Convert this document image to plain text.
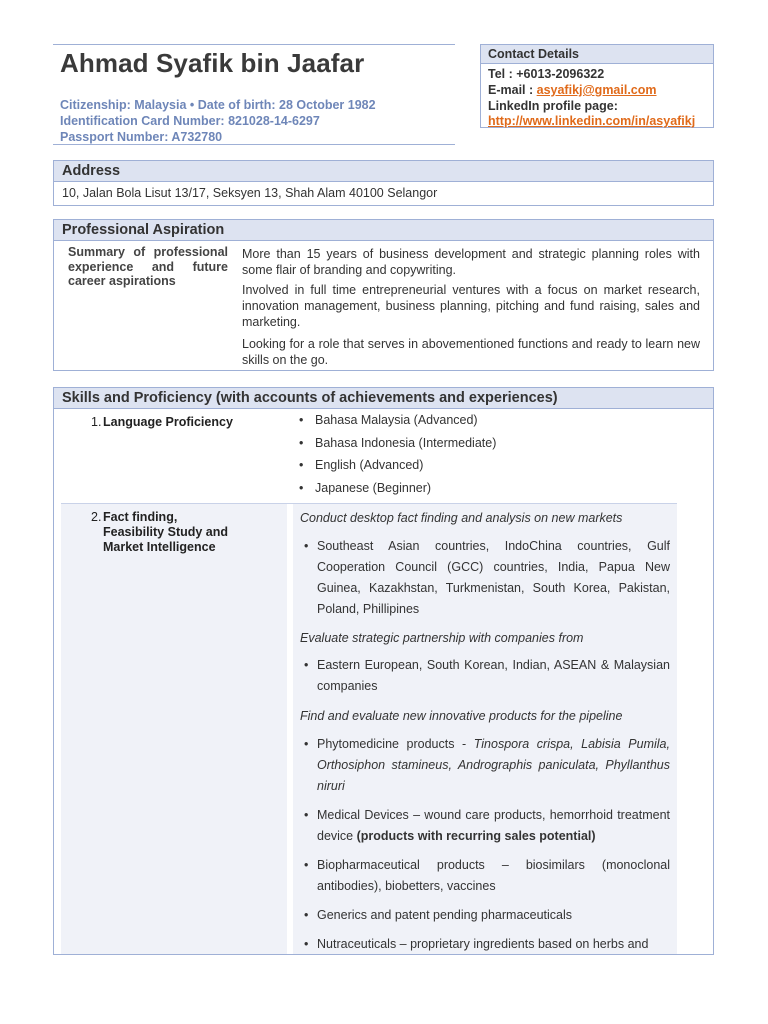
Ahmad Syafik bin Jaafar
Citizenship: Malaysia • Date of birth: 28 October 1982
Identification Card Number: 821028-14-6297
Passport Number: A732780
Contact Details
Tel : +6013-2096322
E-mail : asyafikj@gmail.com
LinkedIn profile page:
http://www.linkedin.com/in/asyafikj
Address
10, Jalan Bola Lisut 13/17, Seksyen 13, Shah Alam 40100 Selangor
Professional Aspiration
Summary of professional experience and future career aspirations
More than 15 years of business development and strategic planning roles with some flair of branding and copywriting.
Involved in full time entrepreneurial ventures with a focus on market research, innovation management, business planning, pitching and fund raising, sales and marketing.
Looking for a role that serves in abovementioned functions and ready to learn new skills on the go.
Skills and Proficiency (with accounts of achievements and experiences)
1. Language Proficiency
•	Bahasa Malaysia (Advanced)
• Bahasa Indonesia (Intermediate)
• English (Advanced)
• Japanese (Beginner)
2. Fact finding,
Feasibility Study and
Market Intelligence
Conduct desktop fact finding and analysis on new markets
• Southeast Asian countries, IndoChina countries, Gulf Cooperation Council (GCC) countries, India, Papua New Guinea, Kazakhstan, Turkmenistan, South Korea, Pakistan, Poland, Phillipines
Evaluate strategic partnership with companies from
• Eastern European, South Korean, Indian, ASEAN & Malaysian companies
Find and evaluate new innovative products for the pipeline
• Phytomedicine products - Tinospora crispa, Labisia Pumila, Orthosiphon stamineus, Andrographis paniculata, Phyllanthus niruri
• Medical Devices – wound care products, hemorrhoid treatment device (products with recurring sales potential)
• Biopharmaceutical products – biosimilars (monoclonal antibodies), biobetters, vaccines
• Generics and patent pending pharmaceuticals
• Nutraceuticals – proprietary ingredients based on herbs and
